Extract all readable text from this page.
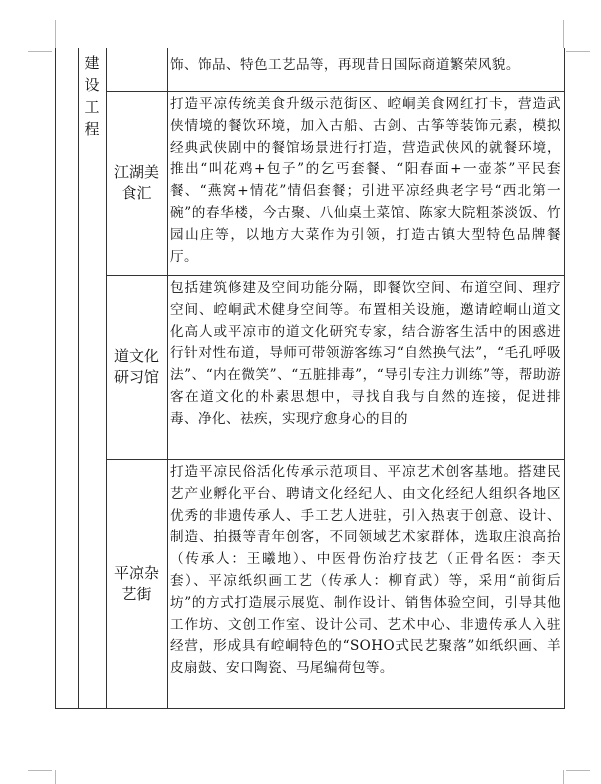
建
设
工
程
饰、饰品、特色工艺品等，再现昔日国际商道繁荣风貌。
江湖美食汇
打造平凉传统美食升级示范街区、崆峒美食网红打卡，营造武侠情境的餐饮环境，加入古船、古剑、古筝等装饰元素，模拟经典武侠剧中的餐馆场景进行打造，营造武侠风的就餐环境，推出“叫花鸡+包子”的乞丐套餐、“阳春面+一壶茶”平民套餐、“燕窝+情花”情侣套餐；引进平凉经典老字号“西北第一碗”的春华楼，今古聚、八仙桌土菜馆、陈家大院粗茶淡饭、竹园山庄等，以地方大菜作为引领，打造古镇大型特色品牌餐厅。
道文化研习馆
包括建筑修建及空间功能分隔，即餐饮空间、布道空间、理疗空间、崆峒武术健身空间等。布置相关设施，邀请崆峒山道文化高人或平凉市的道文化研究专家，结合游客生活中的困惑进行针对性布道，导师可带领游客练习“自然换气法”，“毛孔呼吸法”、“内在微笑”、“五脏排毒”，“导引专注力训练”等，帮助游客在道文化的朴素思想中，寻找自我与自然的连接，促进排毒、净化、祛疾，实现疗愈身心的目的
平凉杂艺街
打造平凉民俗活化传承示范项目、平凉艺术创客基地。搭建民艺产业孵化平台、聘请文化经纪人、由文化经纪人组织各地区优秀的非遗传承人、手工艺人进驻，引入热衷于创意、设计、制造、拍摄等青年创客，不同领域艺术家群体，选取庄浪高抬（传承人：王曦地）、中医骨伤治疗技艺（正骨名医：李天套）、平凉纸织画工艺（传承人：柳育武）等，采用“前街后坊”的方式打造展示展览、制作设计、销售体验空间，引导其他工作坊、文创工作室、设计公司、艺术中心、非遗传承人入驻经营，形成具有崆峒特色的“SOHO式民艺聚落”如纸织画、羊皮扇鼓、安口陶瓷、马尾编荷包等。
